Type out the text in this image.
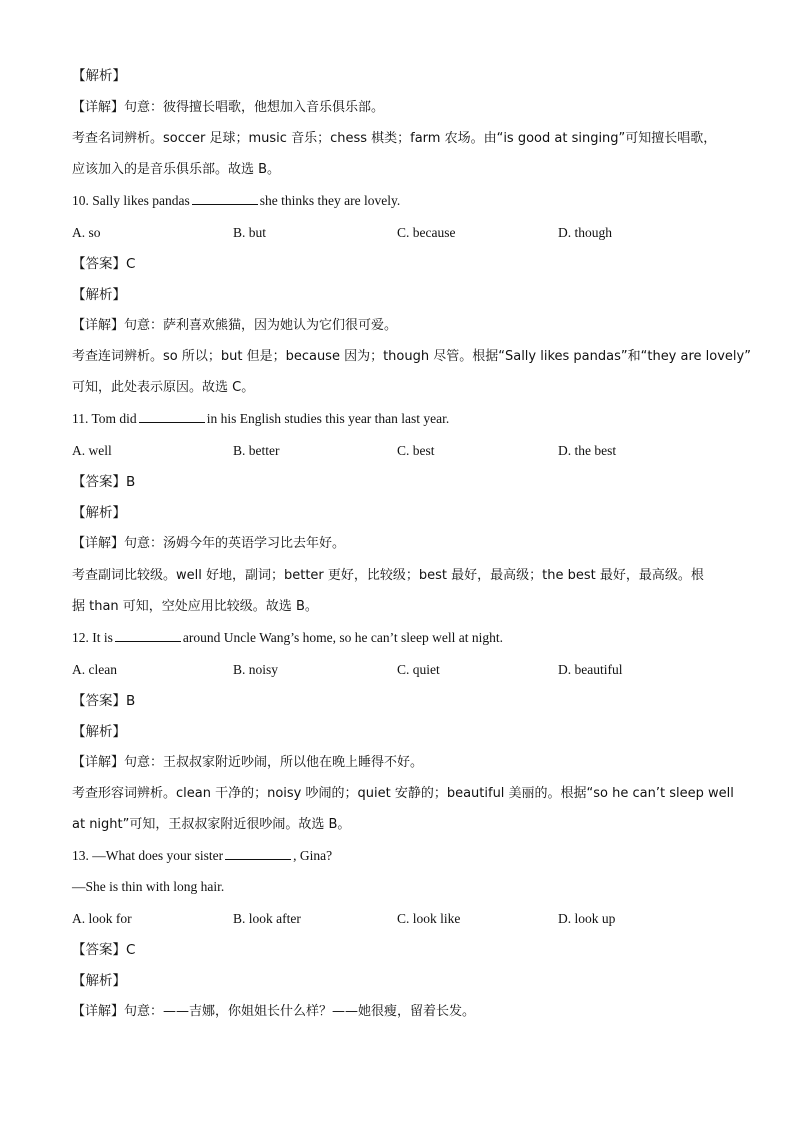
【解析】
【详解】句意：彼得擅长唱歌，他想加入音乐俱乐部。
考查名词辨析。soccer 足球；music 音乐；chess 棋类；farm 农场。由“is good at singing”可知擅长唱歌，
应该加入的是音乐俱乐部。故选 B。
10. Sally likes pandas	she thinks they are lovely.
A. so	B. but	C. because	D. though
【答案】C
【解析】
【详解】句意：萨利喜欢熊猫，因为她认为它们很可爱。
考查连词辨析。so 所以；but 但是；because 因为；though 尽管。根据“Sally likes pandas”和“they are lovely”
可知，此处表示原因。故选 C。
11. Tom did	in his English studies this year than last year.
A. well	B. better	C. best	D. the best
【答案】B
【解析】
【详解】句意：汤姆今年的英语学习比去年好。
考查副词比较级。well 好地，副词；better 更好，比较级；best 最好，最高级；the best 最好，最高级。根
据 than 可知，空处应用比较级。故选 B。
12. It is	around Uncle Wang’s home, so he can’t sleep well at night.
A. clean	B. noisy	C. quiet	D. beautiful
【答案】B
【解析】
【详解】句意：王叔叔家附近吵闹，所以他在晚上睡得不好。
考查形容词辨析。clean 干净的；noisy 吵闹的；quiet 安静的；beautiful 美丽的。根据“so he can’t sleep well
at night”可知，王叔叔家附近很吵闹。故选 B。
13. —What does your sister	, Gina?
—She is thin with long hair.
A. look for	B. look after	C. look like	D. look up
【答案】C
【解析】
【详解】句意：——吉娜，你姐姐长什么样？——她很瘦，留着长发。
